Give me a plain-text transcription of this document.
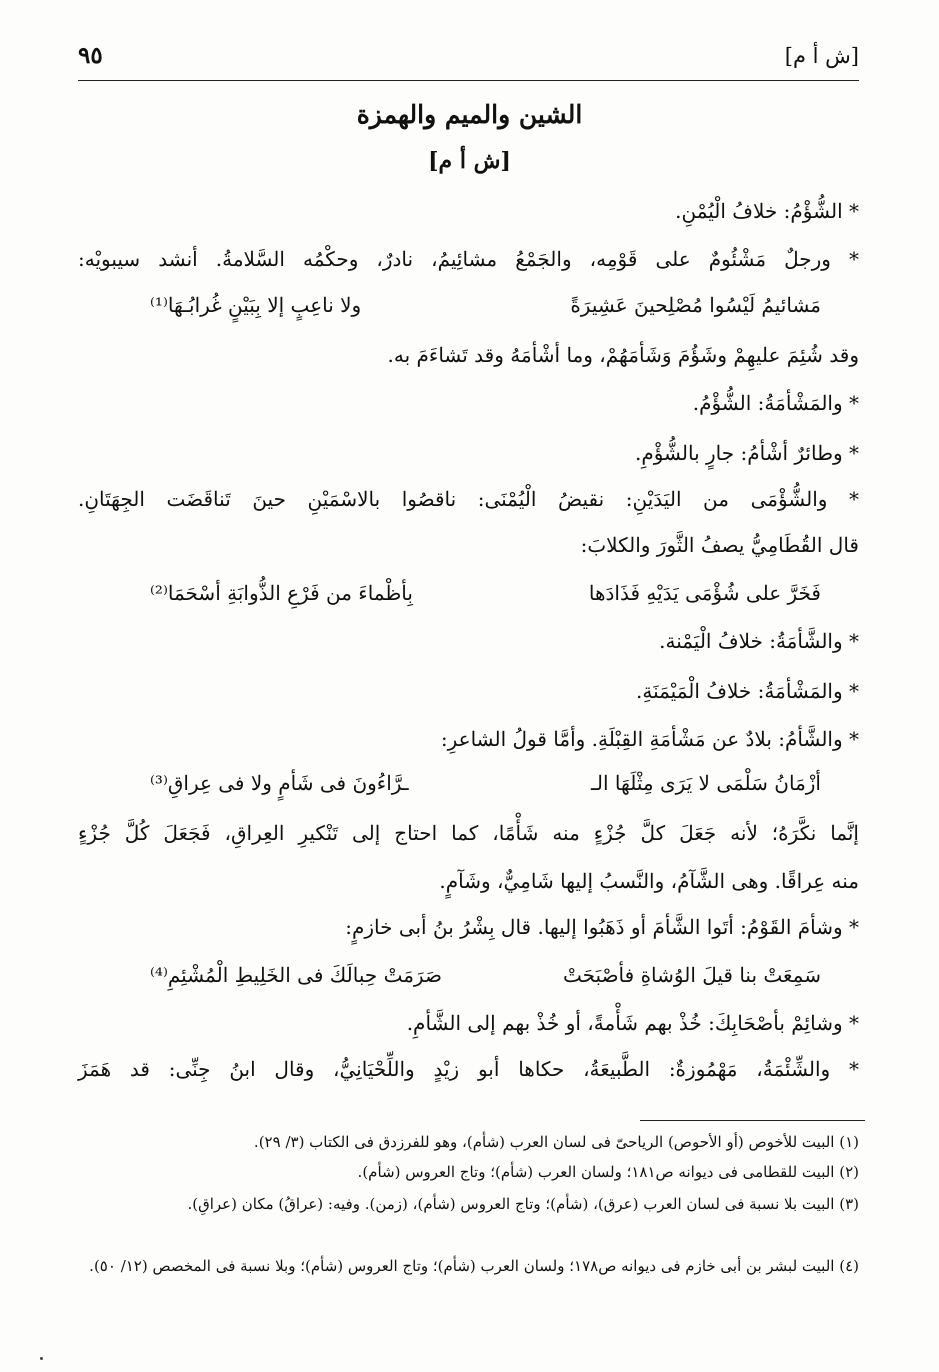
[ش أ م]
٩٥
الشين والميم والهمزة
[ش أ م]
* الشُّؤْمُ: خلافُ الْيُمْنِ.
* ورجلٌ مَشْئُومٌ على قَوْمِه، والجَمْعُ مشائِيمُ، نادرٌ، وحكْمُه السَّلامةُ. أنشد سيبويْه:
مَشائيمُ لَيْسُوا مُصْلِحينَ عَشِيرَةً
ولا ناعِبٍ إلا بِبَيْنٍ غُرابُـهَا⁽¹⁾
وقد شُئِمَ عليهِمْ وشَؤُمَ وَشَأمَهُمْ، وما أشْأمَهُ وقد تَشاءَمَ به.
* والمَشْأمَةُ: الشُّؤْمُ.
* وطائرٌ أشْأمُ: جارٍ بالشُّؤْمِ.
* والشُّؤْمَى من اليَدَيْنِ: نقيضُ الْيُمْنَى: ناقصُوا بالاسْمَيْنِ حينَ تَناقَضَت الجِهَتَانِ.
قال القُطَامِيُّ يصفُ الثَّورَ والكلابَ:
فَخَرَّ على شُؤْمَى يَدَيْهِ فَذَادَها
بِأظْماءَ من فَرْعِ الذُّوابَةِ أسْحَمَا⁽²⁾
* والشَّأمَةُ: خلافُ الْيَمْنة.
* والمَشْأمَةُ: خلافُ الْمَيْمَنَةِ.
* والشَّأمُ: بلادٌ عن مَشْأمَةِ القِبْلَةِ. وأمَّا قولُ الشاعرِ:
أزْمَانُ سَلْمَى لا يَرَى مِثْلَهَا الـ
ـرَّاءُونَ فى شَأمٍ ولا فى عِراقِ⁽³⁾
إنَّما نكَّرَهُ؛ لأنه جَعَلَ كلَّ جُزْءٍ منه شَأْمًا، كما احتاج إلى تَنْكيرِ العِراقِ، فَجَعَلَ كُلَّ جُزْءٍ
منه عِراقًا. وهى الشَّآمُ، والنَّسبُ إليها شَامِيٌّ، وشَآمٍ.
* وشأمَ القَوْمُ: أتَوا الشَّأمَ أو ذَهَبُوا إليها. قال بِشْرُ بنُ أبى خازمٍ:
سَمِعَتْ بنا قيلَ الوُشاةِ فأصْبَحَتْ
صَرَمَتْ حِبالَكَ فى الخَلِيطِ الْمُشْئِمِ⁽⁴⁾
* وشائِمْ بأصْحَابِكَ: خُذْ بهم شَأْمةً، أو خُذْ بهم إلى الشَّأمِ.
* والشِّئْمَةُ، مَهْمُوزةٌ: الطَّبيعَةُ، حكاها أبو زيْدٍ واللِّحْيَانِيُّ، وقال ابنُ جِنِّى: قد هَمَزَ
(١) البيت للأخوص (أو الأحوص) الرياحىّ فى لسان العرب (شأم)، وهو للفرزدق فى الكتاب (٣/ ٢٩).
(٢) البيت للقطامى فى ديوانه ص١٨١؛ ولسان العرب (شأم)؛ وتاج العروس (شأم).
(٣) البيت بلا نسبة فى لسان العرب (عرق)، (شأم)؛ وتاج العروس (شأم)، (زمن). وفيه: (عراقُ) مكان (عراقِ).
(٤) البيت لبشر بن أبى خازم فى ديوانه ص١٧٨؛ ولسان العرب (شأم)؛ وتاج العروس (شأم)؛ وبلا نسبة فى المخصص (١٢/ ٥٠).
